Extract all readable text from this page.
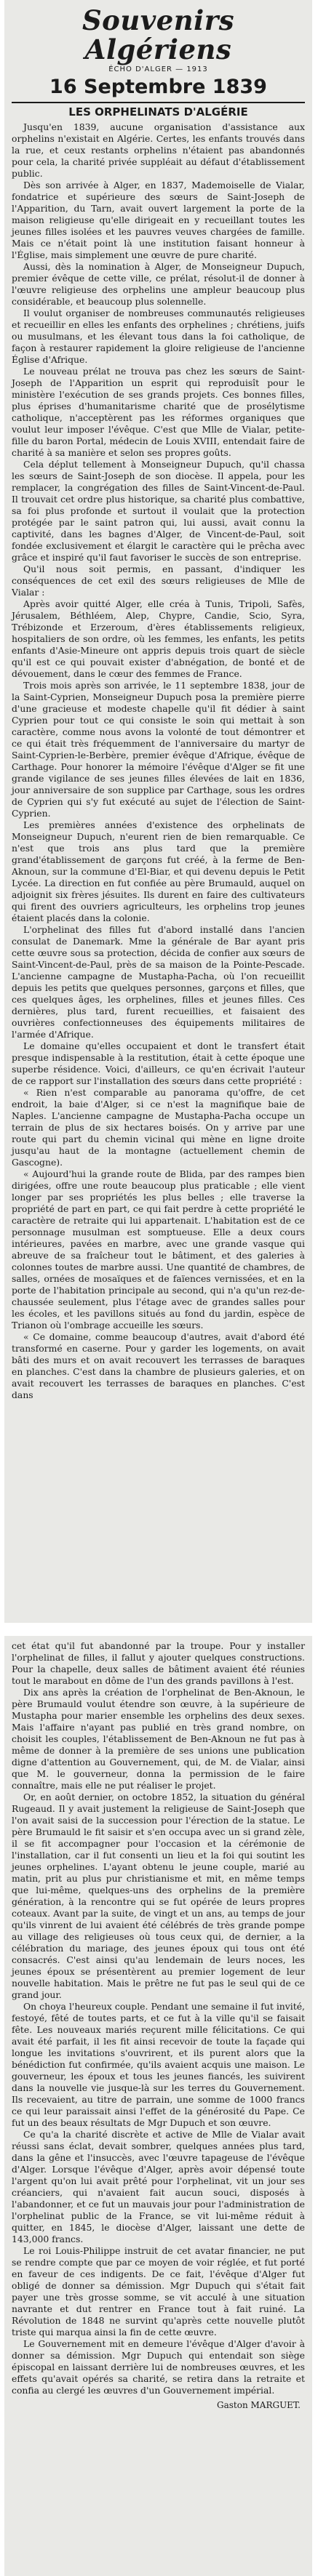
Souvenirs Algériens
ÉCHO D'ALGER — 1913
16 Septembre 1839
LES ORPHELINATS D'ALGÉRIE

Jusqu'en 1839, aucune organisation d'assistance aux orphelins n'existait en Algérie. Certes, les enfants trouvés dans la rue, et ceux restants orphelins n'étaient pas abandonnés pour cela, la charité privée suppléait au défaut d'établissement public.

Dès son arrivée à Alger, en 1837, Mademoiselle de Vialar, fondatrice et supérieure des sœurs de Saint-Joseph de l'Apparition, du Tarn, avait ouvert largement la porte de la maison religieuse qu'elle dirigeait en y recueillant toutes les jeunes filles isolées et les pauvres veuves chargées de famille. Mais ce n'était point là une institution faisant honneur à l'Église, mais simplement une œuvre de pure charité.

Aussi, dès la nomination à Alger, de Monseigneur Dupuch, premier évêque de cette ville, ce prélat, résolut-il de donner à l'œuvre religieuse des orphelins une ampleur beaucoup plus considérable, et beaucoup plus solennelle.

Il voulut organiser de nombreuses communautés religieuses et recueillir en elles les enfants des orphelines ; chrétiens, juifs ou musulmans, et les élevant tous dans la foi catholique, de façon à restaurer rapidement la gloire religieuse de l'ancienne Église d'Afrique.

Le nouveau prélat ne trouva pas chez les sœurs de Saint-Joseph de l'Apparition un esprit qui reproduisît pour le ministère l'exécution de ses grands projets. Ces bonnes filles, plus éprises d'humanitarisme charité que de prosélytisme catholique, n'acceptèrent pas les réformes organiques que voulut leur imposer l'évêque. C'est que Mlle de Vialar, petite-fille du baron Portal, médecin de Louis XVIII, entendait faire de charité à sa manière et selon ses propres goûts.

Cela déplut tellement à Monseigneur Dupuch, qu'il chassa les sœurs de Saint-Joseph de son diocèse. Il appela, pour les remplacer, la congrégation des filles de Saint-Vincent-de-Paul. Il trouvait cet ordre plus historique, sa charité plus combattive, sa foi plus profonde et surtout il voulait que la protection protégée par le saint patron qui, lui aussi, avait connu la captivité, dans les bagnes d'Alger, de Vincent-de-Paul, soit fondée exclusivement et élargit le caractère qui le prêcha avec grâce et inspiré qu'il faut favoriser le succès de son entreprise.

Qu'il nous soit permis, en passant, d'indiquer les conséquences de cet exil des sœurs religieuses de Mlle de Vialar :

Après avoir quitté Alger, elle créa à Tunis, Tripoli, Safès, Jérusalem, Béthléem, Alep, Chypre, Candie, Scio, Syra, Trébizonde et Erzeroum, d'ères établissements religieux, hospitaliers de son ordre, où les femmes, les enfants, les petits enfants d'Asie-Mineure ont appris depuis trois quart de siècle qu'il est ce qui pouvait exister d'abnégation, de bonté et de dévouement, dans le cœur des femmes de France.

Trois mois après son arrivée, le 11 septembre 1838, jour de la Saint-Cyprien, Monseigneur Dupuch posa la première pierre d'une gracieuse et modeste chapelle qu'il fit dédier à saint Cyprien pour tout ce qui consiste le soin qui mettait à son caractère, comme nous avons la volonté de tout démontrer et ce qui était très fréquemment de l'anniversaire du martyr de Saint-Cyprien-le-Berbère, premier évêque d'Afrique, évêque de Carthage. Pour honorer la mémoire l'évêque d'Alger se fit une grande vigilance de ses jeunes filles élevées de lait en 1836, jour anniversaire de son supplice par Carthage, sous les ordres de Cyprien qui s'y fut exécuté au sujet de l'élection de Saint-Cyprien.

Les premières années d'existence des orphelinats de Monseigneur Dupuch, n'eurent rien de bien remarquable. Ce n'est que trois ans plus tard que la première grand'établissement de garçons fut créé, à la ferme de Ben-Aknoun, sur la commune d'El-Biar, et qui devenu depuis le Petit Lycée. La direction en fut confiée au père Brumauld, auquel on adjoignit six frères jésuites. Ils durent en faire des cultivateurs qui firent des ouvriers agriculteurs, les orphelins trop jeunes étaient placés dans la colonie.

L'orphelinat des filles fut d'abord installé dans l'ancien consulat de Danemark. Mme la générale de Bar ayant pris cette œuvre sous sa protection, décida de confier aux sœurs de Saint-Vincent-de-Paul, près de sa maison de la Pointe-Pescade. L'ancienne campagne de Mustapha-Pacha, où l'on recueillit depuis les petits que quelques personnes, garçons et filles, que ces quelques âges, les orphelines, filles et jeunes filles. Ces dernières, plus tard, furent recueillies, et faisaient des ouvrières confectionneuses des équipements militaires de l'armée d'Afrique.

Le domaine qu'elles occupaient et dont le transfert était presque indispensable à la restitution, était à cette époque une superbe résidence. Voici, d'ailleurs, ce qu'en écrivait l'auteur de ce rapport sur l'installation des sœurs dans cette propriété :

« Rien n'est comparable au panorama qu'offre, de cet endroit, la baie d'Alger, si ce n'est la magnifique baie de Naples. L'ancienne campagne de Mustapha-Pacha occupe un terrain de plus de six hectares boisés. On y arrive par une route qui part du chemin vicinal qui mène en ligne droite jusqu'au haut de la montagne (actuellement chemin de Gascogne).

« Aujourd'hui la grande route de Blida, par des rampes bien dirigées, offre une route beaucoup plus praticable ; elle vient longer par ses propriétés les plus belles ; elle traverse la propriété de part en part, ce qui fait perdre à cette propriété le caractère de retraite qui lui appartenait. L'habitation est de ce personnage musulman est somptueuse. Elle a deux cours intérieures, pavées en marbre, avec une grande vasque qui abreuve de sa fraîcheur tout le bâtiment, et des galeries à colonnes toutes de marbre aussi. Une quantité de chambres, de salles, ornées de mosaïques et de faïences vernissées, et en la porte de l'habitation principale au second, qui n'a qu'un rez-de-chaussée seulement, plus l'étage avec de grandes salles pour les écoles, et les pavillons situés au fond du jardin, espèce de Trianon où l'ombrage accueille les sœurs.

« Ce domaine, comme beaucoup d'autres, avait d'abord été transformé en caserne. Pour y garder les logements, on avait bâti des murs et on avait recouvert les terrasses de baraques en planches. C'est dans la chambre de plusieurs galeries, et on avait recouvert les terrasses de baraques en planches. C'est dans

cet état qu'il fut abandonné par la troupe. Pour y installer l'orphelinat de filles, il fallut y ajouter quelques constructions. Pour la chapelle, deux salles de bâtiment avaient été réunies tout le marabout en dôme de l'un des grands pavillons à l'est.

Dix ans après la création de l'orphelinat de Ben-Aknoun, le père Brumauld voulut étendre son œuvre, à la supérieure de Mustapha pour marier ensemble les orphelins des deux sexes. Mais l'affaire n'ayant pas publié en très grand nombre, on choisit les couples, l'établissement de Ben-Aknoun ne fut pas à même de donner à la première de ses unions une publication digne d'attention au Gouvernement, qui, de M. de Vialar, ainsi que M. le gouverneur, donna la permission de le faire connaître, mais elle ne put réaliser le projet.

Or, en août dernier, on octobre 1852, la situation du général Rugeaud. Il y avait justement la religieuse de Saint-Joseph que l'on avait saisi de la succession pour l'érection de la statue. Le père Brumauld le fit saisir et s'en occupa avec un si grand zèle, il se fit accompagner pour l'occasion et la cérémonie de l'installation, car il fut consenti un lieu et la foi qui soutint les jeunes orphelines. L'ayant obtenu le jeune couple, marié au matin, prit au plus pur christianisme et mit, en même temps que lui-même, quelques-uns des orphelins de la première génération, à la rencontre qui se fut opérée de leurs propres coteaux. Avant par la suite, de vingt et un ans, au temps de jour qu'ils vinrent de lui avaient été célébrés de très grande pompe au village des religieuses où tous ceux qui, de dernier, a la célébration du mariage, des jeunes époux qui tous ont été consacrés. C'est ainsi qu'au lendemain de leurs noces, les jeunes époux se présentèrent au premier logement de leur nouvelle habitation. Mais le prêtre ne fut pas le seul qui de ce grand jour.

On choya l'heureux couple. Pendant une semaine il fut invité, festoyé, fêté de toutes parts, et ce fut à la ville qu'il se faisait fête. Les nouveaux mariés reçurent mille félicitations. Ce qui avait été parfait, il les fit ainsi recevoir de toute la façade qui longue les invitations s'ouvrirent, et ils purent alors que la bénédiction fut confirmée, qu'ils avaient acquis une maison. Le gouverneur, les époux et tous les jeunes fiancés, les suivirent dans la nouvelle vie jusque-là sur les terres du Gouvernement. Ils recevaient, au titre de parrain, une somme de 1000 francs ce qui leur paraissait ainsi l'effet de la générosité du Pape. Ce fut un des beaux résultats de Mgr Dupuch et son œuvre.

Ce qu'a la charité discrète et active de Mlle de Vialar avait réussi sans éclat, devait sombrer, quelques années plus tard, dans la gêne et l'insuccès, avec l'œuvre tapageuse de l'évêque d'Alger. Lorsque l'évêque d'Alger, après avoir dépensé toute l'argent qu'on lui avait prêté pour l'orphelinat, vit un jour ses créanciers, qui n'avaient fait aucun souci, disposés à l'abandonner, et ce fut un mauvais jour pour l'administration de l'orphelinat public de la France, se vit lui-même réduit à quitter, en 1845, le diocèse d'Alger, laissant une dette de 143,000 francs.

Le roi Louis-Philippe instruit de cet avatar financier, ne put se rendre compte que par ce moyen de voir réglée, et fut porté en faveur de ces indigents. De ce fait, l'évêque d'Alger fut obligé de donner sa démission. Mgr Dupuch qui s'était fait payer une très grosse somme, se vit acculé à une situation navrante et dut rentrer en France tout à fait ruiné. La Révolution de 1848 ne survint qu'après cette nouvelle plutôt triste qui marqua ainsi la fin de cette œuvre.

Le Gouvernement mit en demeure l'évêque d'Alger d'avoir à donner sa démission. Mgr Dupuch qui entendait son siège épiscopal en laissant derrière lui de nombreuses œuvres, et les effets qu'avait opérés sa charité, se retira dans la retraite et confia au clergé les œuvres d'un Gouvernement impérial.

Gaston MARGUET.
